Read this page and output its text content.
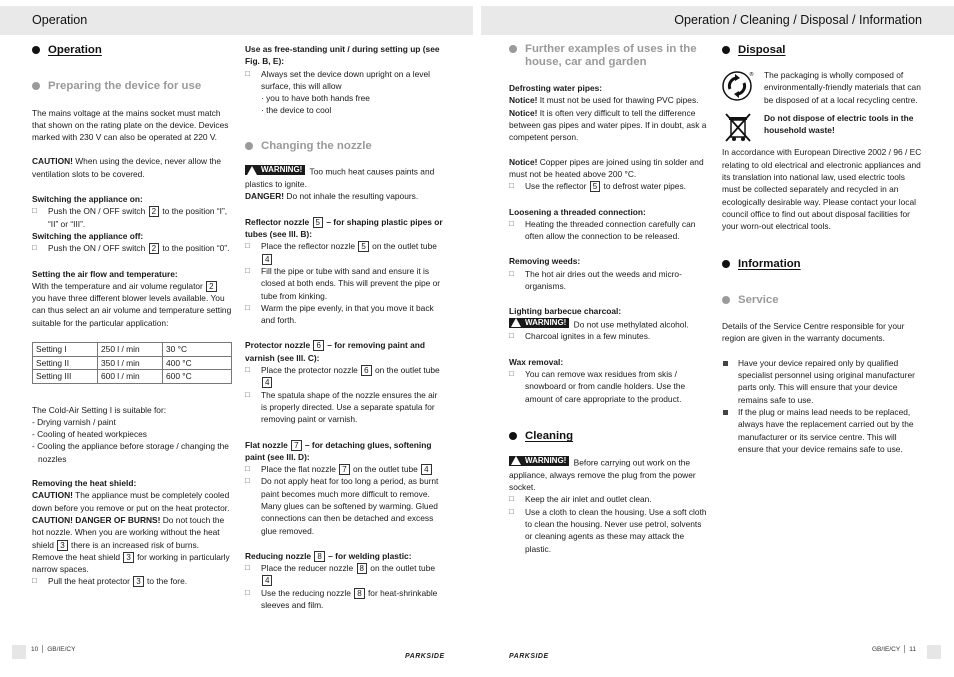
Operation	Operation / Cleaning / Disposal / Information
Operation
Preparing the device for use

The mains voltage at the mains socket must match that shown on the rating plate on the device. Devices marked with 230 V can also be operated at 220 V.

CAUTION! When using the device, never allow the ventilation slots to be covered.

Switching the appliance on:

□ Push the ON / OFF switch 2 to the position “I”, “II” or “III”.

Switching the appliance off:

□ Push the ON / OFF switch 2 to the position “0”.

Setting the air flow and temperature:

With the temperature and air volume regulator 2 you have three different blower levels available. You can thus select an air volume and temperature setting suitable for the particular application:

Setting I	250 l / min	30 °C
Setting II	350 l / min	400 °C
Setting III	600 l / min	600 °C

The Cold-Air Setting I is suitable for:

- Drying varnish / paint

- Cooling of heated workpieces

- Cooling the appliance before storage / changing the nozzles

Removing the heat shield:

CAUTION! The appliance must be completely cooled down before you remove or put on the heat protector.

CAUTION! DANGER OF BURNS! Do not touch the hot nozzle. When you are working without the heat shield 3 there is an increased risk of burns. Remove the heat shield 3 for working in particularly narrow spaces.

□ Pull the heat protector 3 to the fore.

Use as free-standing unit / during setting up (see Fig. B, E):

□ Always set the device down upright on a level surface, this will allow

· you to have both hands free

· the device to cool

Changing the nozzle

WARNING! Too much heat causes paints and plastics to ignite.

DANGER! Do not inhale the resulting vapours.

Reflector nozzle 5 – for shaping plastic pipes or tubes (see Ill. B):

□ Place the reflector nozzle 5 on the outlet tube 4
□ Fill the pipe or tube with sand and ensure it is closed at both ends. This will prevent the pipe or tube from kinking.
□ Warm the pipe evenly, in that you move it back and forth.

Protector nozzle 6 – for removing paint and varnish (see Ill. C):

□ Place the protector nozzle 6 on the outlet tube 4
□ The spatula shape of the nozzle ensures the air is properly directed. Use a separate spatula for removing paint or varnish.

Flat nozzle 7 – for detaching glues, softening paint (see Ill. D):

□ Place the flat nozzle 7 on the outlet tube 4
□ Do not apply heat for too long a period, as burnt paint becomes much more difficult to remove. Many glues can be softened by warming. Glued connections can then be detached and excess glue removed.

Reducing nozzle 8 – for welding plastic:

□ Place the reducer nozzle 8 on the outlet tube 4
□ Use the reducing nozzle 8 for heat-shrinkable sleeves and film.
Further examples of uses in the house, car and garden

Defrosting water pipes:

Notice! It must not be used for thawing PVC pipes.

Notice! It is often very difficult to tell the difference between gas pipes and water pipes. If in doubt, ask a competent person.

Notice! Copper pipes are joined using tin solder and must not be heated above 200 °C.

□ Use the reflector 5 to defrost water pipes.

Loosening a threaded connection:

□ Heating the threaded connection carefully can often allow the connection to be released.

Removing weeds:

□ The hot air dries out the weeds and micro-organisms.

Lighting barbecue charcoal:

WARNING! Do not use methylated alcohol.

□ Charcoal ignites in a few minutes.

Wax removal:

□ You can remove wax residues from skis / snowboard or from candle holders. Use the amount of care appropriate to the product.
Cleaning

WARNING! Before carrying out work on the appliance, always remove the plug from the power socket.

□ Keep the air inlet and outlet clean.
□ Use a cloth to clean the housing. Use a soft cloth to clean the housing. Never use petrol, solvents or cleaning agents as these may attack the plastic.
Disposal
® The packaging is wholly composed of environmentally-friendly materials that can be disposed of at a local recycling centre.

Do not dispose of electric tools in the household waste!

In accordance with European Directive 2002 / 96 / EC relating to old electrical and electronic appliances and its translation into national law, used electric tools must be collected separately and recycled in an ecologically desirable way. Please contact your local council office to find out about disposal facilities for your worn-out electrical tools.

Information
Service

Details of the Service Centre responsible for your region are given in the warranty documents.

Have your device repaired only by qualified specialist personnel using original manufacturer parts only. This will ensure that your device remains safe to use.
If the plug or mains lead needs to be replaced, always have the replacement carried out by the manufacturer or its service centre. This will ensure that your device remains safe to use.
10 GB/IE/CY
PARKSIDE	PARKSIDE
GB/IE/CY 11
